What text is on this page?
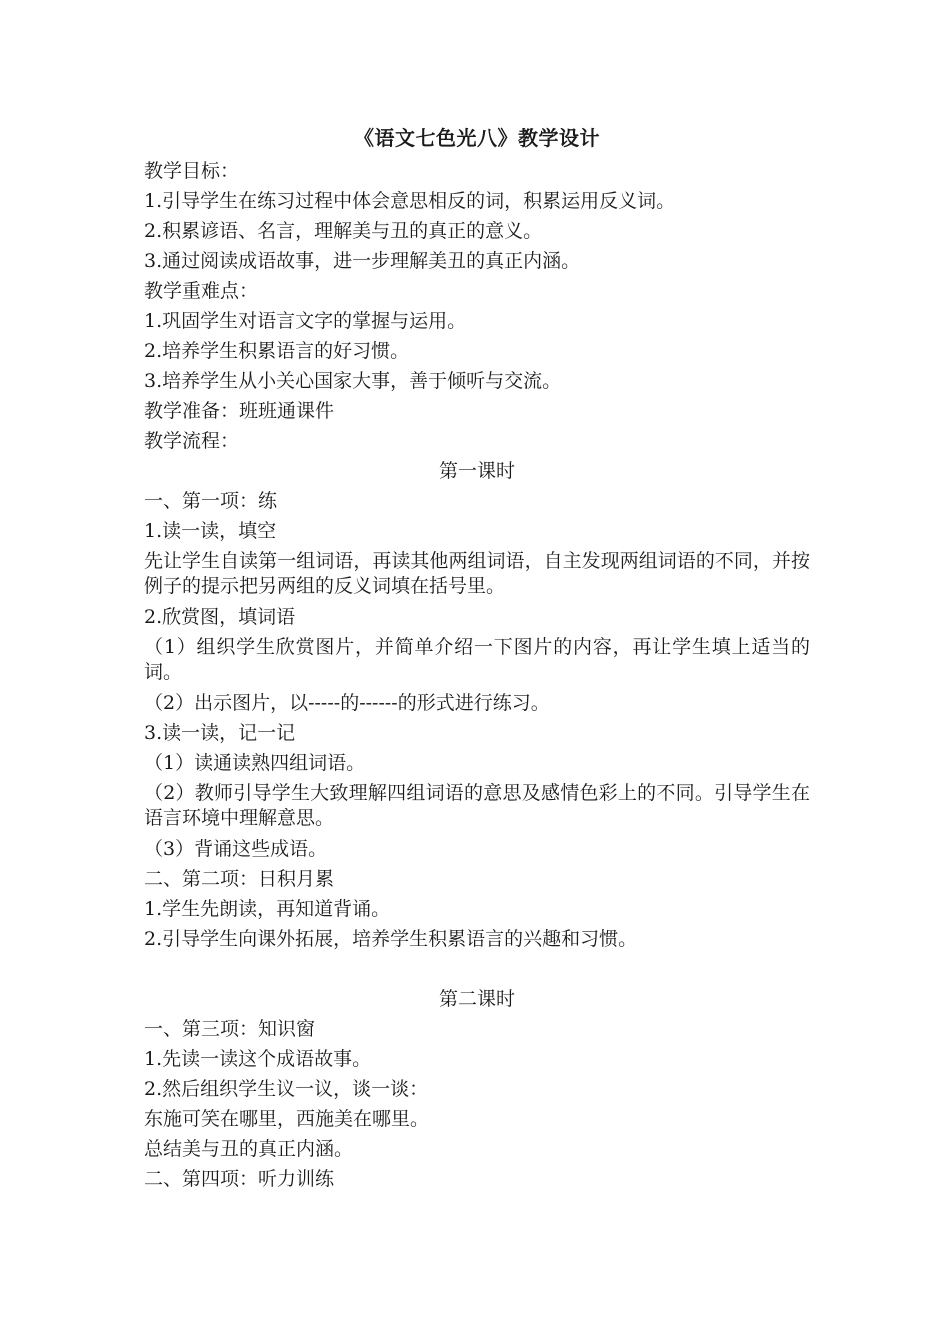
《语文七色光八》教学设计

教学目标：

1.引导学生在练习过程中体会意思相反的词，积累运用反义词。

2.积累谚语、名言，理解美与丑的真正的意义。

3.通过阅读成语故事，进一步理解美丑的真正内涵。

教学重难点：

1.巩固学生对语言文字的掌握与运用。

2.培养学生积累语言的好习惯。

3.培养学生从小关心国家大事，善于倾听与交流。

教学准备：班班通课件

教学流程：

第一课时

一、第一项：练

1.读一读，填空

先让学生自读第一组词语，再读其他两组词语，自主发现两组词语的不同，并按例子的提示把另两组的反义词填在括号里。

2.欣赏图，填词语

（1）组织学生欣赏图片，并简单介绍一下图片的内容，再让学生填上适当的词。

（2）出示图片，以-----的------的形式进行练习。

3.读一读，记一记

（1）读通读熟四组词语。

（2）教师引导学生大致理解四组词语的意思及感情色彩上的不同。引导学生在语言环境中理解意思。

（3）背诵这些成语。

二、第二项：日积月累

1.学生先朗读，再知道背诵。

2.引导学生向课外拓展，培养学生积累语言的兴趣和习惯。

第二课时

一、第三项：知识窗

1.先读一读这个成语故事。

2.然后组织学生议一议，谈一谈：

东施可笑在哪里，西施美在哪里。

总结美与丑的真正内涵。

二、第四项：听力训练
